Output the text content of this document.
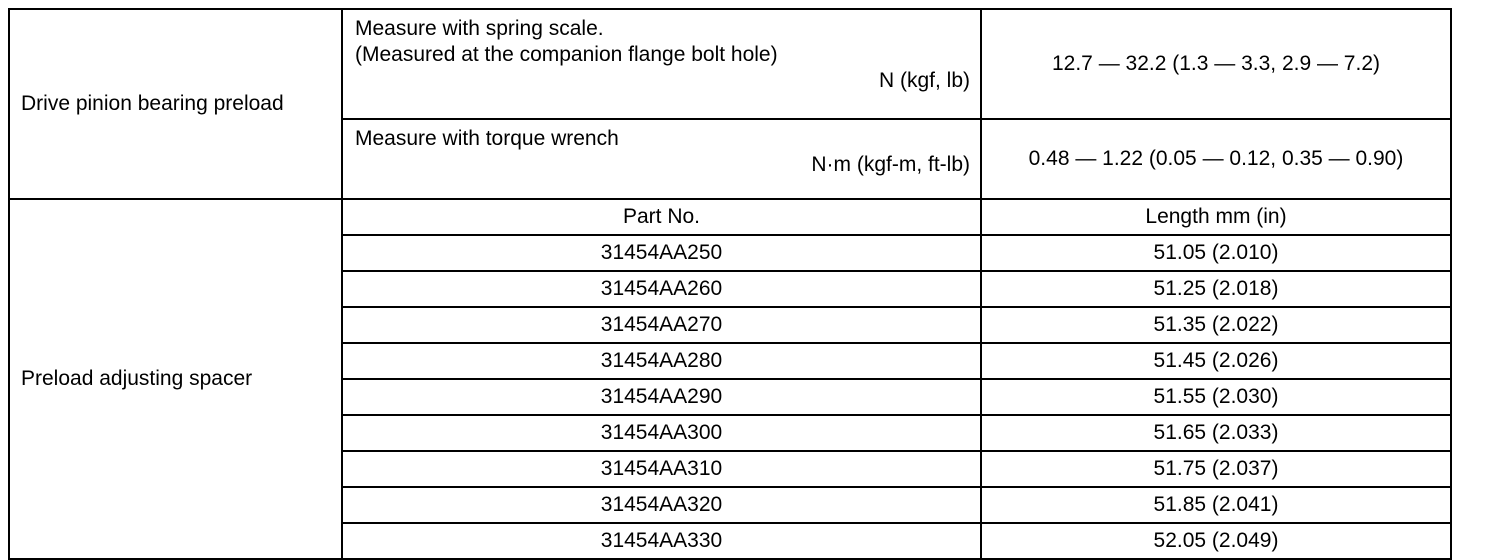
Drive pinion bearing preload	Measure with spring scale.
(Measured at the companion flange bolt hole)
N (kgf, lb)	12.7 — 32.2 (1.3 — 3.3, 2.9 — 7.2)

	Measure with torque wrench
N·m (kgf-m, ft-lb)	0.48 — 1.22 (0.05 — 0.12, 0.35 — 0.90)
Preload adjusting spacer	Part No.	Length mm (in)
	31454AA250	51.05 (2.010)
	31454AA260	51.25 (2.018)
	31454AA270	51.35 (2.022)
	31454AA280	51.45 (2.026)
	31454AA290	51.55 (2.030)
	31454AA300	51.65 (2.033)
	31454AA310	51.75 (2.037)
	31454AA320	51.85 (2.041)
	31454AA330	52.05 (2.049)
